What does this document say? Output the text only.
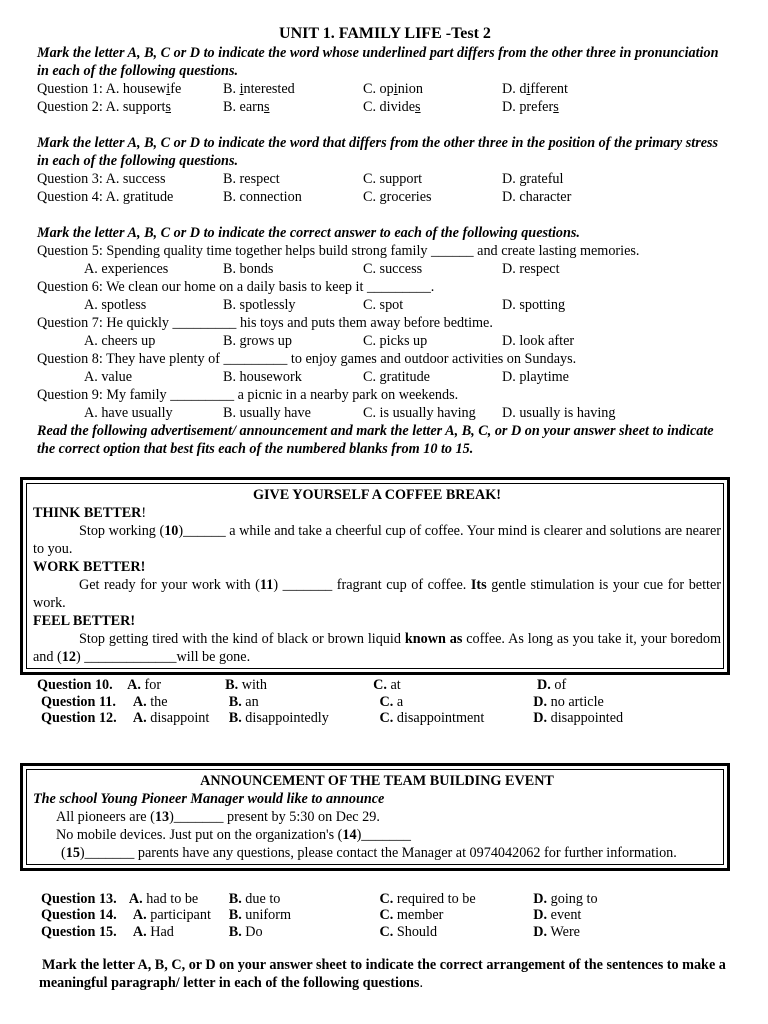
UNIT 1. FAMILY LIFE -Test 2
Mark the letter A, B, C or D to indicate the word whose underlined part differs from the other three in pronunciation in each of the following questions.
Question 1: A. housewife	B. interested	C. opinion	D. different
Question 2: A. supports	B. earns	C. divides	D. prefers
Mark the letter A, B, C or D to indicate the word that differs from the other three in the position of the primary stress in each of the following questions.
Question 3: A. success	B. respect	C. support	D. grateful
Question 4: A. gratitude	B. connection	C. groceries	D. character
Mark the letter A, B, C or D to indicate the correct answer to each of the following questions.
Question 5: Spending quality time together helps build strong family ______ and create lasting memories.
A. experiences	B. bonds	C. success	D. respect
Question 6: We clean our home on a daily basis to keep it _________.
A. spotless	B. spotlessly	C. spot	D. spotting
Question 7: He quickly _________ his toys and puts them away before bedtime.
A. cheers up	B. grows up	C. picks up	D. look after
Question 8: They have plenty of _________ to enjoy games and outdoor activities on Sundays.
A. value	B. housework	C. gratitude	D. playtime
Question 9: My family _________ a picnic in a nearby park on weekends.
A. have usually	B. usually have	C. is usually having	D. usually is having
Read the following advertisement/ announcement and mark the letter A, B, C, or D on your answer sheet to indicate the correct option that best fits each of the numbered blanks from 10 to 15.
GIVE YOURSELF A COFFEE BREAK!
THINK BETTER!
Stop working (10)______ a while and take a cheerful cup of coffee. Your mind is clearer and solutions are nearer to you.
WORK BETTER!
Get ready for your work with (11) _______ fragrant cup of coffee. Its gentle stimulation is your cue for better work.
FEEL BETTER!
Stop getting tired with the kind of black or brown liquid known as coffee. As long as you take it, your boredom and (12) _____________will be gone.
Question 10.	A. for	B. with	C. at	D. of
Question 11.	A. the	B. an	C. a	D. no article
Question 12.	A. disappoint	B. disappointedly	C. disappointment	D. disappointed
ANNOUNCEMENT OF THE TEAM BUILDING EVENT
The school Young Pioneer Manager would like to announce
All pioneers are (13)_______ present by 5:30 on Dec 29.
No mobile devices. Just put on the organization's (14)_______
(15)_______ parents have any questions, please contact the Manager at 0974042062 for further information.
Question 13. A. had to be	B. due to	C. required to be	D. going to
Question 14.	A. participant	B. uniform	C. member	D. event
Question 15.	A. Had	B. Do	C. Should	D. Were
Mark the letter A, B, C, or D on your answer sheet to indicate the correct arrangement of the sentences to make a meaningful paragraph/ letter in each of the following questions.
